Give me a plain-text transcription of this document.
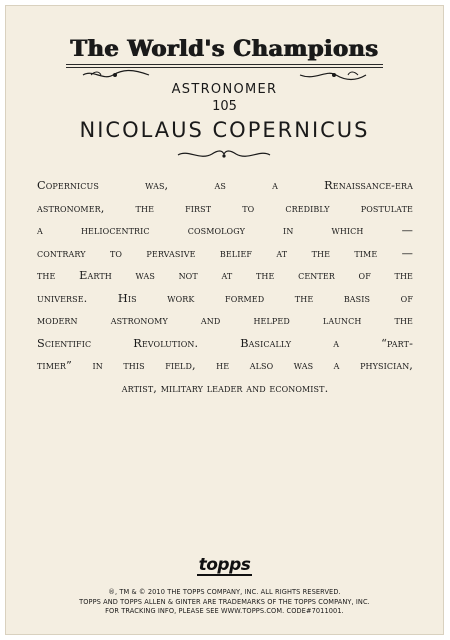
The World's Champions
ASTRONOMER
105
NICOLAUS COPERNICUS
Copernicus was, as a Renaissance-era
astronomer, the first to credibly postulate
a heliocentric cosmology in which —
contrary to pervasive belief at the time —
the Earth was not at the center of the
universe. His work formed the basis of
modern astronomy and helped launch the
Scientific Revolution. Basically a “part-
timer” in this field, he also was a physician,
artist, military leader and economist.
topps
®, TM & © 2010 THE TOPPS COMPANY, INC. ALL RIGHTS RESERVED.
TOPPS AND TOPPS ALLEN & GINTER ARE TRADEMARKS OF THE TOPPS COMPANY, INC.
FOR TRACKING INFO, PLEASE SEE WWW.TOPPS.COM. CODE#7011001.
